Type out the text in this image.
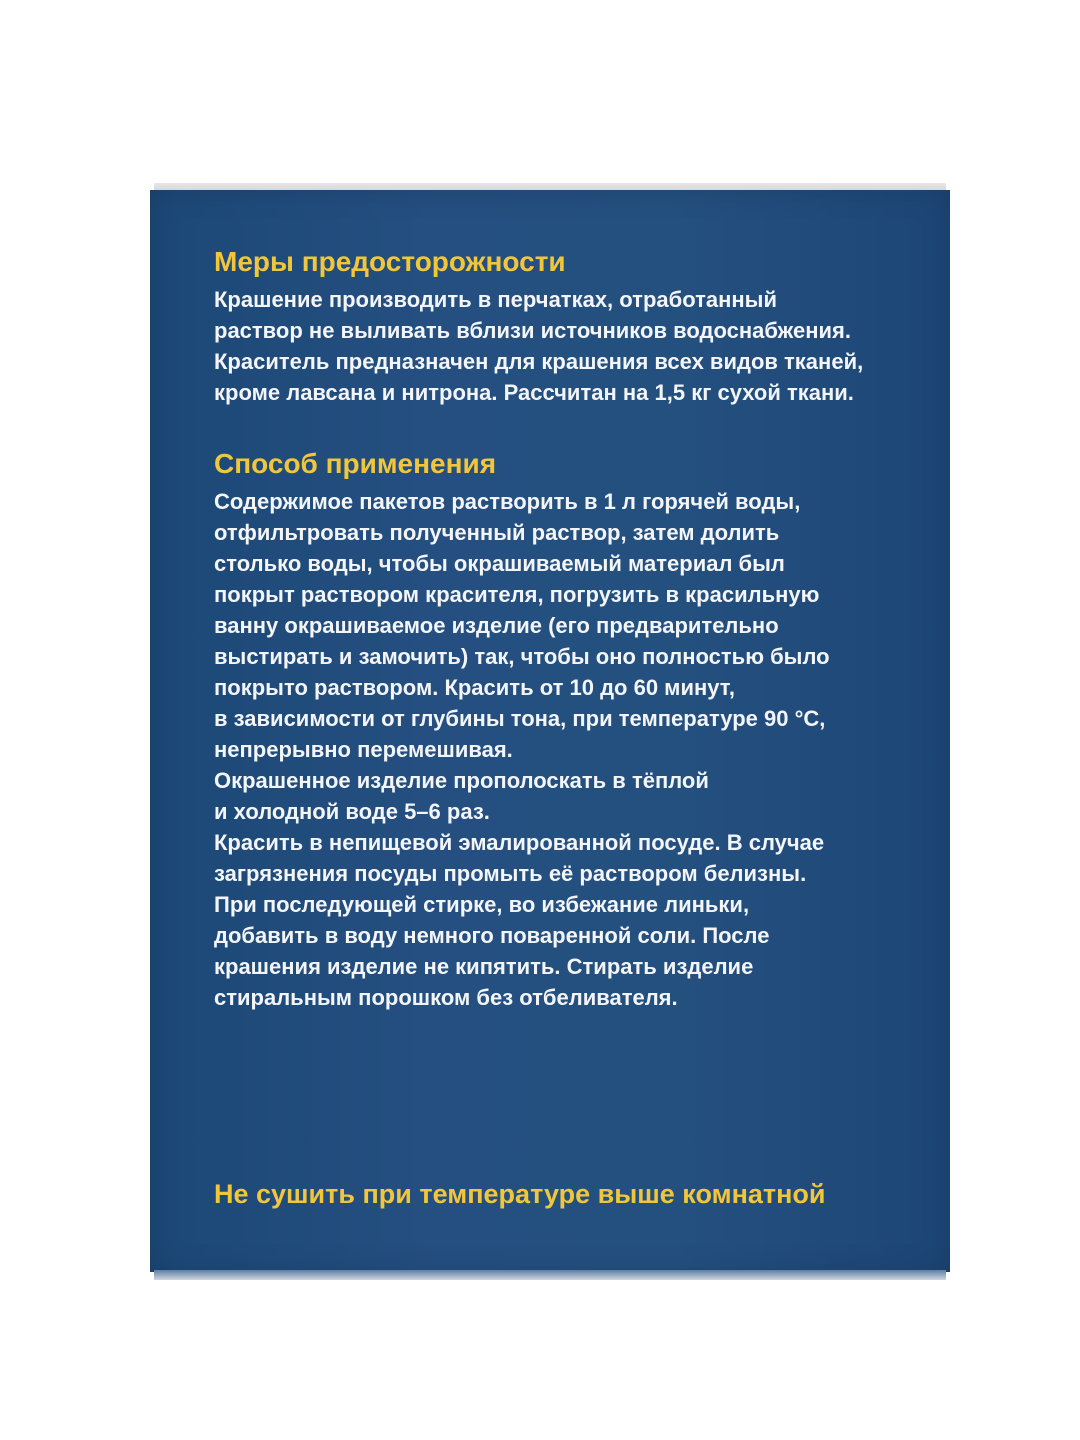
Меры предосторожности
Крашение производить в перчатках, отработанный
раствор не выливать вблизи источников водоснабжения.
Краситель предназначен для крашения всех видов тканей,
кроме лавсана и нитрона. Рассчитан на 1,5 кг сухой ткани.
Способ применения
Содержимое пакетов растворить в 1 л горячей воды,
отфильтровать полученный раствор, затем долить
столько воды, чтобы окрашиваемый материал был
покрыт раствором красителя, погрузить в красильную
ванну окрашиваемое изделие (его предварительно
выстирать и замочить) так, чтобы оно полностью было
покрыто раствором. Красить от 10 до 60 минут,
в зависимости от глубины тона, при температуре 90 °C,
непрерывно перемешивая.
Окрашенное изделие прополоскать в тёплой
и холодной воде 5–6 раз.
Красить в непищевой эмалированной посуде. В случае
загрязнения посуды промыть её раствором белизны.
При последующей стирке, во избежание линьки,
добавить в воду немного поваренной соли. После
крашения изделие не кипятить. Стирать изделие
стиральным порошком без отбеливателя.
Не сушить при температуре выше комнатной
